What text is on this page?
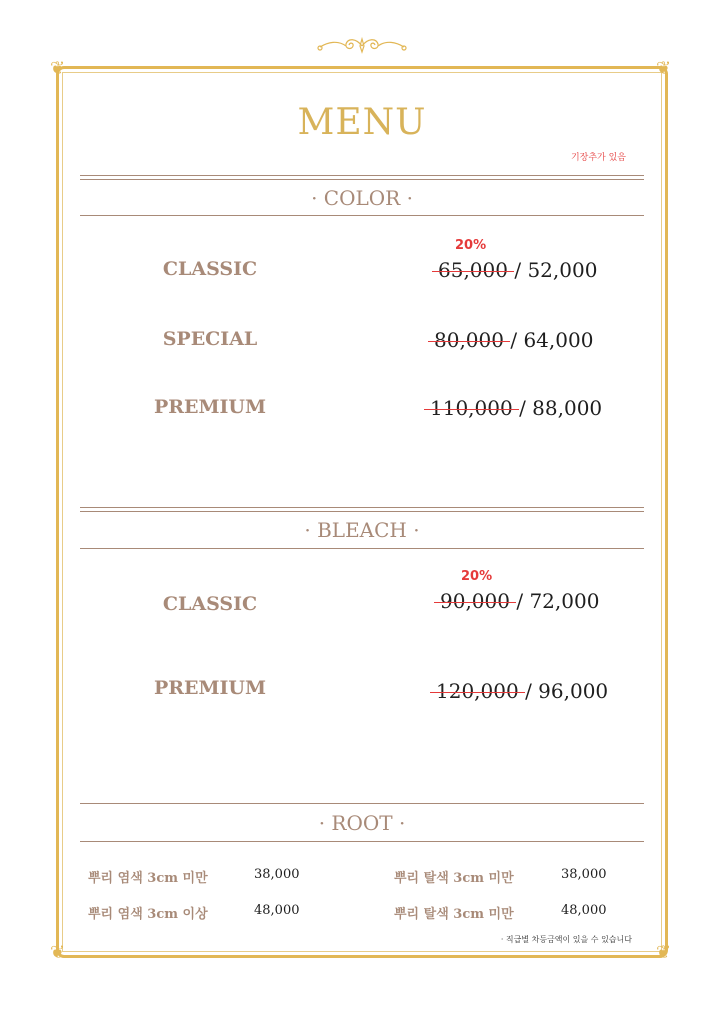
❦	❦
❦	❦
MENU
기장추가 있음
· COLOR ·
20%
CLASSIC	65,000 / 52,000
SPECIAL	80,000 / 64,000
PREMIUM	110,000 / 88,000
· BLEACH ·
20%
CLASSIC	90,000 / 72,000
PREMIUM	120,000 / 96,000
· ROOT ·
뿌리 염색 3cm 미만	38,000	뿌리 탈색 3cm 미만	38,000
뿌리 염색 3cm 이상	48,000	뿌리 탈색 3cm 미만	48,000
· 직급별 차등금액이 있을 수 있습니다
